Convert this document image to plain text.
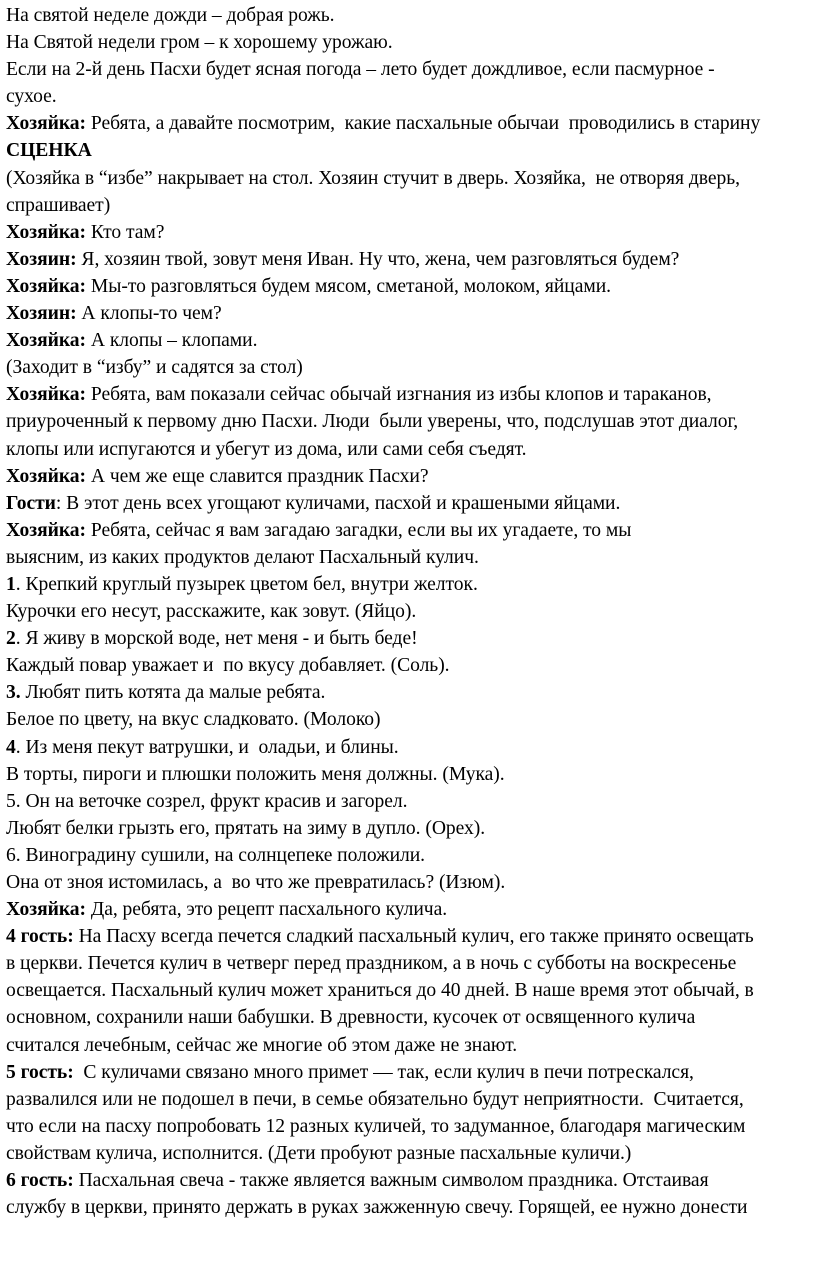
На святой неделе дожди – добрая рожь.
На Святой недели гром – к хорошему урожаю.
Если на 2-й день Пасхи будет ясная погода – лето будет дождливое, если пасмурное -
сухое.
Хозяйка: Ребята, а давайте посмотрим,  какие пасхальные обычаи  проводились в старину
СЦЕНКА
(Хозяйка в “избе” накрывает на стол. Хозяин стучит в дверь. Хозяйка,  не отворяя дверь,
спрашивает)
Хозяйка: Кто там?
Хозяин: Я, хозяин твой, зовут меня Иван. Ну что, жена, чем разговляться будем?
Хозяйка: Мы-то разговляться будем мясом, сметаной, молоком, яйцами.
Хозяин: А клопы-то чем?
Хозяйка: А клопы – клопами.
(Заходит в “избу” и садятся за стол)
Хозяйка: Ребята, вам показали сейчас обычай изгнания из избы клопов и тараканов,
приуроченный к первому дню Пасхи. Люди  были уверены, что, подслушав этот диалог,
клопы или испугаются и убегут из дома, или сами себя съедят.
Хозяйка: А чем же еще славится праздник Пасхи?
Гости: В этот день всех угощают куличами, пасхой и крашеными яйцами.
Хозяйка: Ребята, сейчас я вам загадаю загадки, если вы их угадаете, то мы
выясним, из каких продуктов делают Пасхальный кулич.
1. Крепкий круглый пузырек цветом бел, внутри желток.
Курочки его несут, расскажите, как зовут. (Яйцо).
2. Я живу в морской воде, нет меня - и быть беде!
Каждый повар уважает и  по вкусу добавляет. (Соль).
3. Любят пить котята да малые ребята.
Белое по цвету, на вкус сладковато. (Молоко)
4. Из меня пекут ватрушки, и  оладьи, и блины.
В торты, пироги и плюшки положить меня должны. (Мука).
5. Он на веточке созрел, фрукт красив и загорел.
Любят белки грызть его, прятать на зиму в дупло. (Орех).
6. Виноградину сушили, на солнцепеке положили.
Она от зноя истомилась, а  во что же превратилась? (Изюм).
Хозяйка: Да, ребята, это рецепт пасхального кулича.
4 гость: На Пасху всегда печется сладкий пасхальный кулич, его также принято освещать
в церкви. Печется кулич в четверг перед праздником, а в ночь с субботы на воскресенье
освещается. Пасхальный кулич может храниться до 40 дней. В наше время этот обычай, в
основном, сохранили наши бабушки. В древности, кусочек от освященного кулича
считался лечебным, сейчас же многие об этом даже не знают.
5 гость:  С куличами связано много примет — так, если кулич в печи потрескался,
развалился или не подошел в печи, в семье обязательно будут неприятности.  Считается,
что если на пасху попробовать 12 разных куличей, то задуманное, благодаря магическим
свойствам кулича, исполнится. (Дети пробуют разные пасхальные куличи.)
6 гость: Пасхальная свеча - также является важным символом праздника. Отстаивая
службу в церкви, принято держать в руках зажженную свечу. Горящей, ее нужно донести
